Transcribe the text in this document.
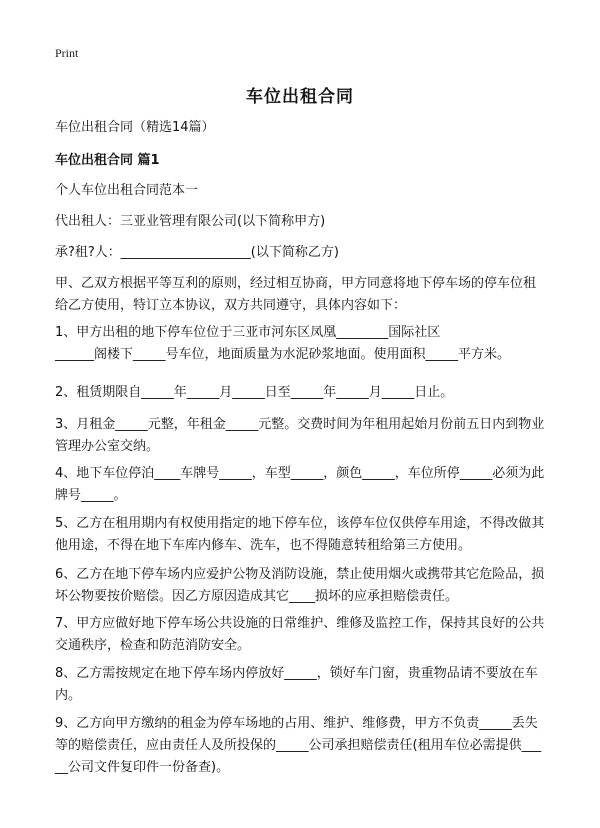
Print
车位出租合同
车位出租合同（精选14篇）
车位出租合同 篇1
个人车位出租合同范本一
代出租人：三亚业管理有限公司(以下简称甲方)
承?租?人：____________________(以下简称乙方)
甲、乙双方根据平等互利的原则，经过相互协商，甲方同意将地下停车场的停车位租给乙方使用，特订立本协议，双方共同遵守，具体内容如下：
1、甲方出租的地下停车位位于三亚市河东区凤凰________国际社区
______阁楼下_____号车位，地面质量为水泥砂浆地面。使用面积_____平方米。
2、租赁期限自_____年_____月_____日至_____年_____月_____日止。
3、月租金_____元整，年租金_____元整。交费时间为年租用起始月份前五日内到物业管理办公室交纳。
4、地下车位停泊____车牌号_____，车型_____，颜色_____，车位所停_____必须为此牌号_____。
5、乙方在租用期内有权使用指定的地下停车位，该停车位仅供停车用途，不得改做其他用途，不得在地下车库内修车、洗车，也不得随意转租给第三方使用。
6、乙方在地下停车场内应爱护公物及消防设施，禁止使用烟火或携带其它危险品，损坏公物要按价赔偿。因乙方原因造成其它____损坏的应承担赔偿责任。
7、甲方应做好地下停车场公共设施的日常维护、维修及监控工作，保持其良好的公共交通秩序，检查和防范消防安全。
8、乙方需按规定在地下停车场内停放好_____，锁好车门窗，贵重物品请不要放在车内。
9、乙方向甲方缴纳的租金为停车场地的占用、维护、维修费，甲方不负责_____丢失等的赔偿责任，应由责任人及所投保的_____公司承担赔偿责任(租用车位必需提供_____公司文件复印件一份备查)。
